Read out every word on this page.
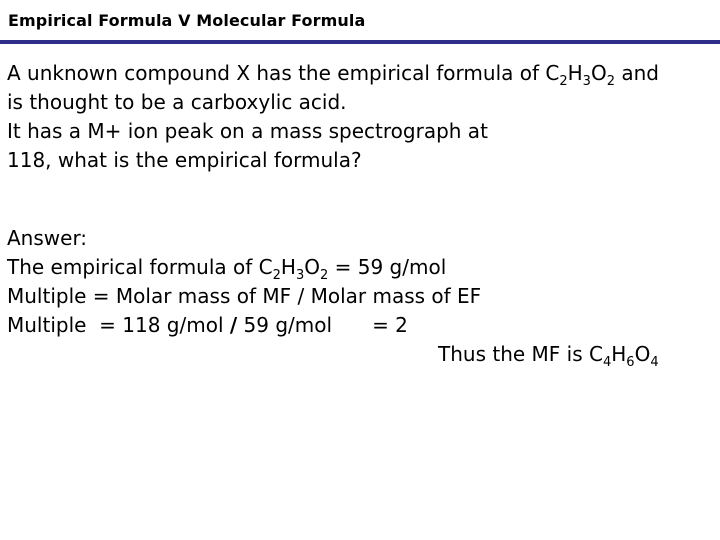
Empirical Formula V Molecular Formula
A unknown compound X has the empirical formula of $C_2H_3O_2$ and
is thought to be a carboxylic acid.
It has a M+ ion peak on a mass spectrograph at
118, what is the empirical formula?
Answer:
The empirical formula of $C_2H_3O_2 = 59$ g/mol
Multiple = Molar mass of MF / Molar mass of EF
Multiple  = 118 g/mol / 59 g/mol = 2
Thus the MF is $C_4H_6O_4$
